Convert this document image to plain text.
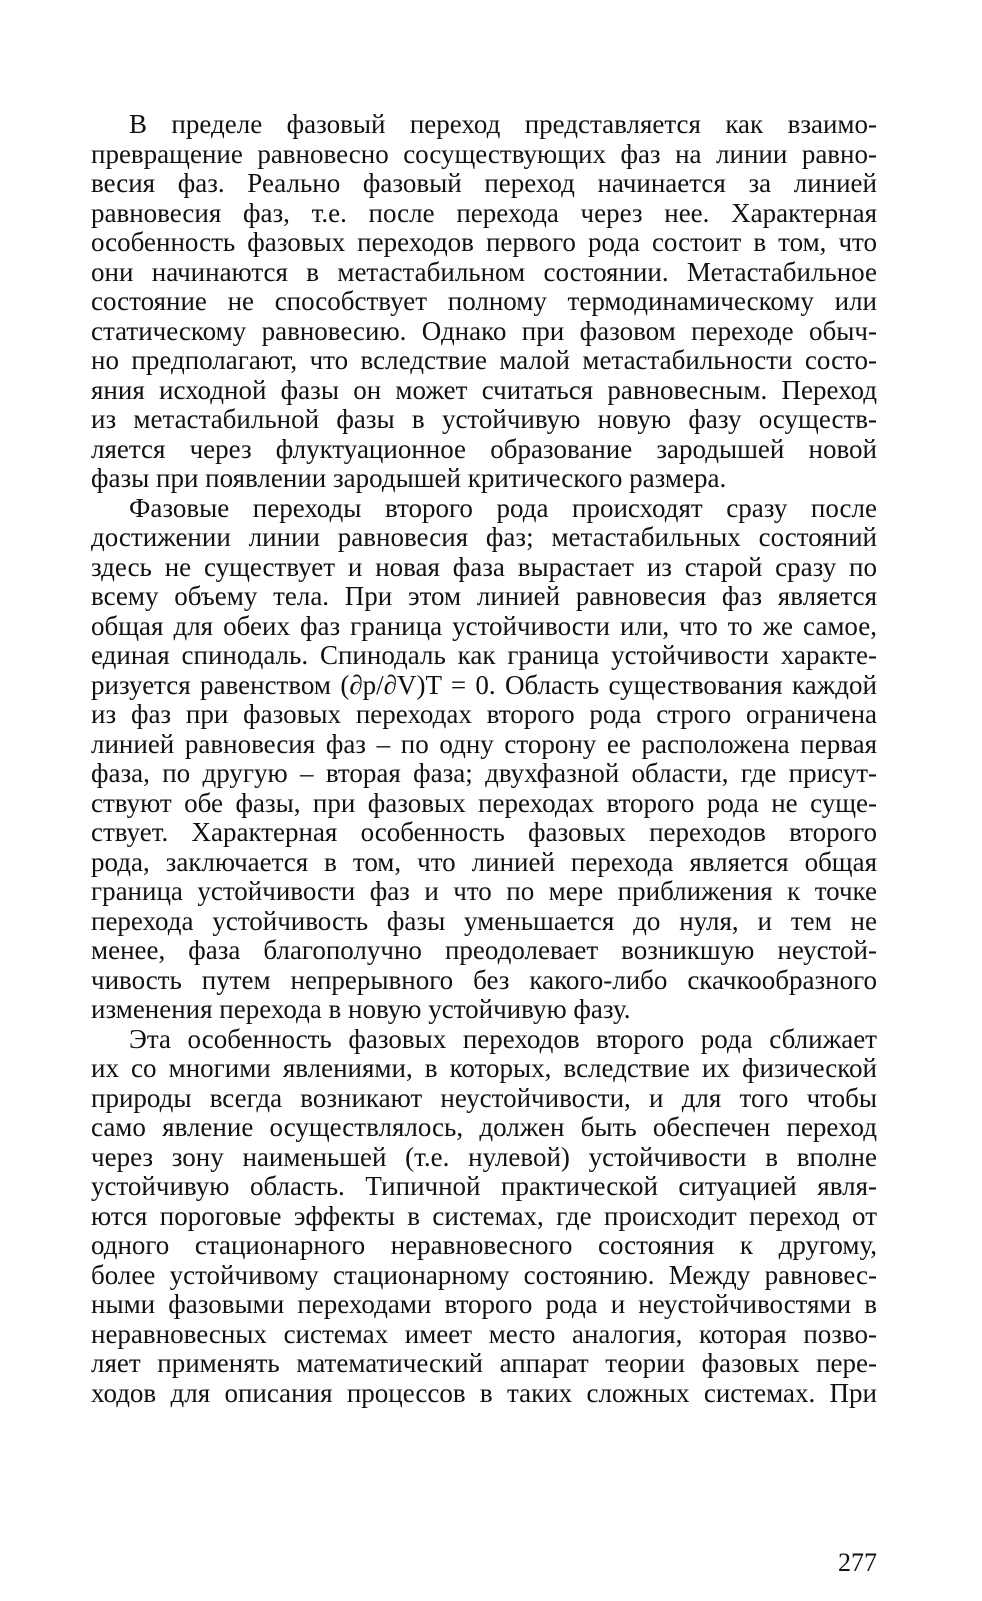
В пределе фазовый переход представляется как взаимо-
превращение равновесно сосуществующих фаз на линии равно-
весия фаз. Реально фазовый переход начинается за линией
равновесия фаз, т.е. после перехода через нее. Характерная
особенность фазовых переходов первого рода состоит в том, что
они начинаются в метастабильном состоянии. Метастабильное
состояние не способствует полному термодинамическому или
статическому равновесию. Однако при фазовом переходе обыч-
но предполагают, что вследствие малой метастабильности состо-
яния исходной фазы он может считаться равновесным. Переход
из метастабильной фазы в устойчивую новую фазу осуществ-
ляется через флуктуационное образование зародышей новой
фазы при появлении зародышей критического размера.
Фазовые переходы второго рода происходят сразу после
достижении линии равновесия фаз; метастабильных состояний
здесь не существует и новая фаза вырастает из старой сразу по
всему объему тела. При этом линией равновесия фаз является
общая для обеих фаз граница устойчивости или, что то же самое,
единая спинодаль. Спинодаль как граница устойчивости характе-
ризуется равенством (∂p/∂V)T = 0. Область существования каждой
из фаз при фазовых переходах второго рода строго ограничена
линией равновесия фаз – по одну сторону ее расположена первая
фаза, по другую – вторая фаза; двухфазной области, где присут-
ствуют обе фазы, при фазовых переходах второго рода не суще-
ствует. Характерная особенность фазовых переходов второго
рода, заключается в том, что линией перехода является общая
граница устойчивости фаз и что по мере приближения к точке
перехода устойчивость фазы уменьшается до нуля, и тем не
менее, фаза благополучно преодолевает возникшую неустой-
чивость путем непрерывного без какого-либо скачкообразного
изменения перехода в новую устойчивую фазу.
Эта особенность фазовых переходов второго рода сближает
их со многими явлениями, в которых, вследствие их физической
природы всегда возникают неустойчивости, и для того чтобы
само явление осуществлялось, должен быть обеспечен переход
через зону наименьшей (т.е. нулевой) устойчивости в вполне
устойчивую область. Типичной практической ситуацией явля-
ются пороговые эффекты в системах, где происходит переход от
одного стационарного неравновесного состояния к другому,
более устойчивому стационарному состоянию. Между равновес-
ными фазовыми переходами второго рода и неустойчивостями в
неравновесных системах имеет место аналогия, которая позво-
ляет применять математический аппарат теории фазовых пере-
ходов для описания процессов в таких сложных системах. При
277
